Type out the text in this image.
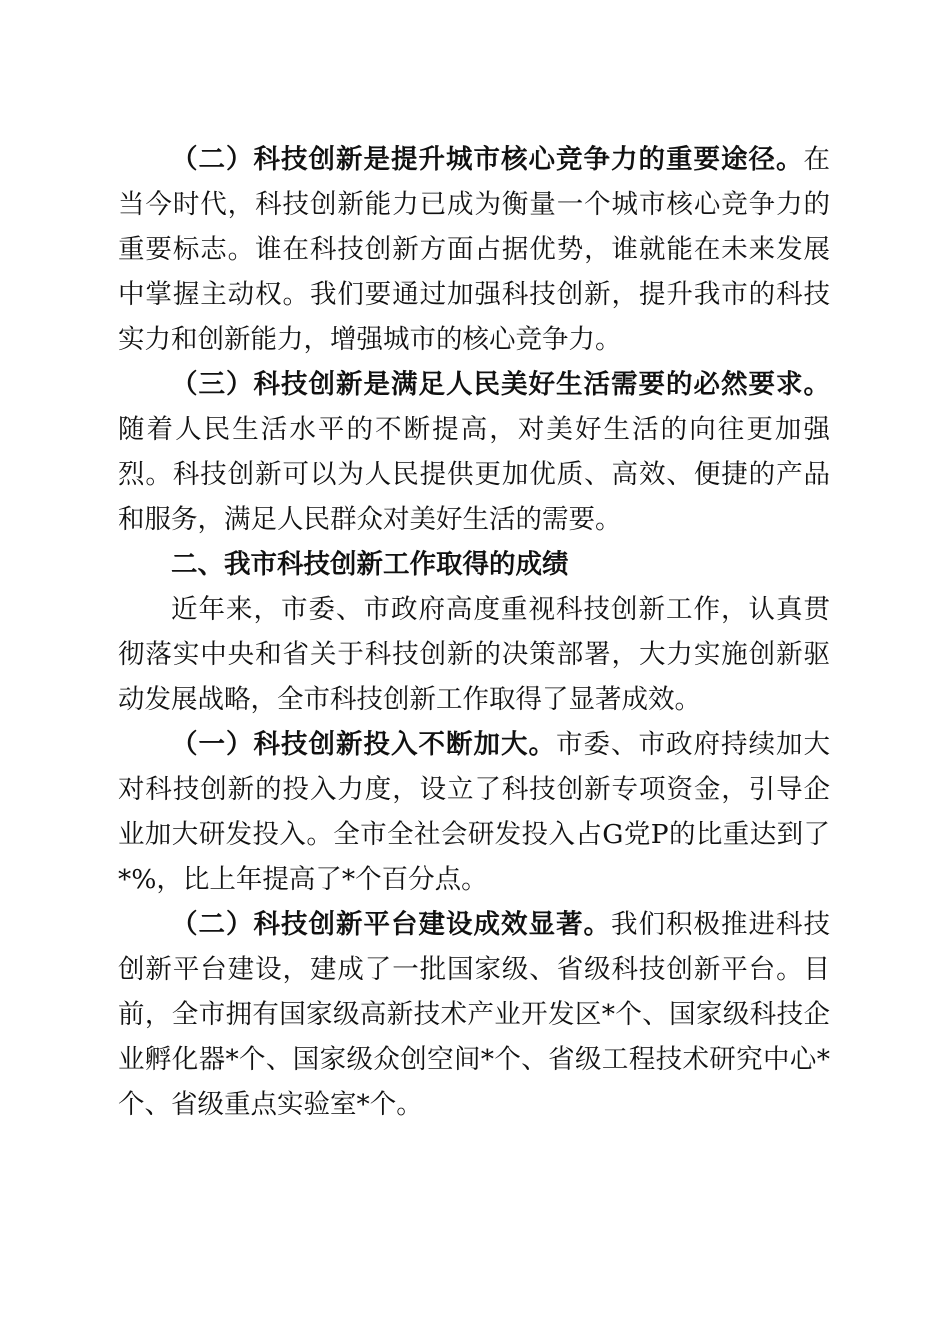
（二）科技创新是提升城市核心竞争力的重要途径。在当今时代，科技创新能力已成为衡量一个城市核心竞争力的重要标志。谁在科技创新方面占据优势，谁就能在未来发展中掌握主动权。我们要通过加强科技创新，提升我市的科技实力和创新能力，增强城市的核心竞争力。

（三）科技创新是满足人民美好生活需要的必然要求。随着人民生活水平的不断提高，对美好生活的向往更加强烈。科技创新可以为人民提供更加优质、高效、便捷的产品和服务，满足人民群众对美好生活的需要。

二、我市科技创新工作取得的成绩

近年来，市委、市政府高度重视科技创新工作，认真贯彻落实中央和省关于科技创新的决策部署，大力实施创新驱动发展战略，全市科技创新工作取得了显著成效。

（一）科技创新投入不断加大。市委、市政府持续加大对科技创新的投入力度，设立了科技创新专项资金，引导企业加大研发投入。全市全社会研发投入占G党P的比重达到了*%，比上年提高了*个百分点。

（二）科技创新平台建设成效显著。我们积极推进科技创新平台建设，建成了一批国家级、省级科技创新平台。目前，全市拥有国家级高新技术产业开发区*个、国家级科技企业孵化器*个、国家级众创空间*个、省级工程技术研究中心*个、省级重点实验室*个。
